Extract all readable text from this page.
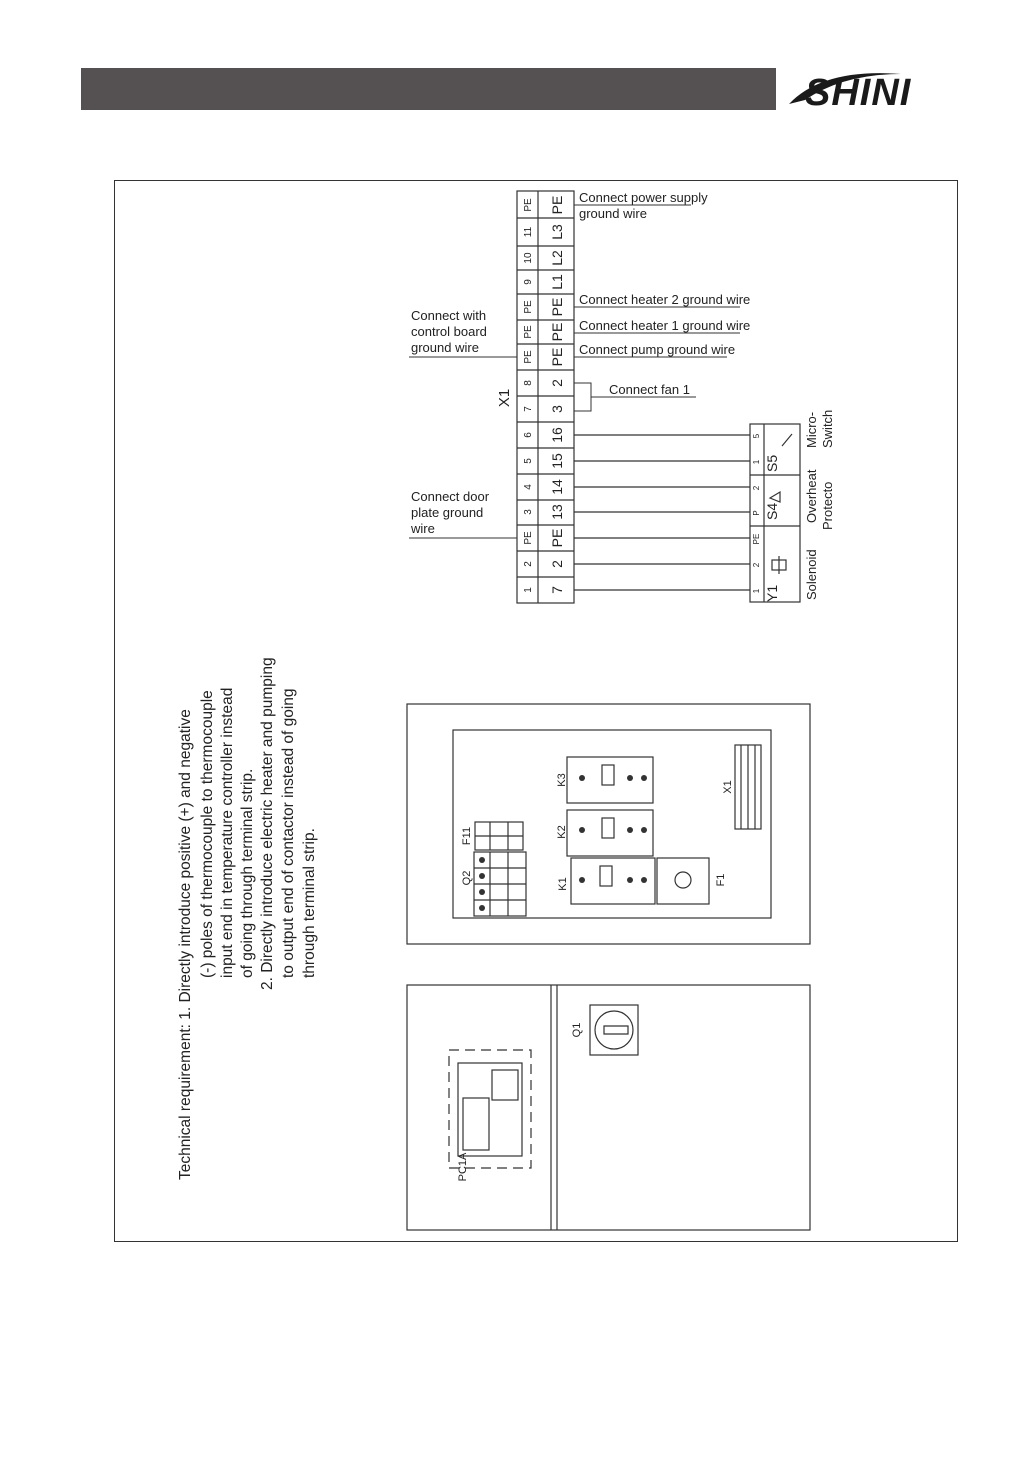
SHINI
Technical requirement: 1. Directly introduce positive (+) and negative (-) poles of thermocouple to thermocouple input end in temperature controller instead of going through terminal strip. 2. Directly introduce electric heater and pumping to output end of contactor instead of going through terminal strip.
1
2
PE
3
4
5
6
7
8
PE
PE
PE
9
10
11
PE
7
2
PE
13
14
15
16
3
2
PE
PE
PE
L1
L2
L3
PE
X1
Connect power supply
ground wire
Connect heater 2 ground wire
Connect heater 1 ground wire
Connect pump ground wire
Connect fan 1
Connect with
control board
ground wire
Connect door
plate ground
wire
1
2
PE
P
2
1
5
Y1
S4
S5
Solenoid
Overheat Protecto
Micro- Switch
Q2
F11
K1
K2
K3
F1
X1
PC1A
Q1
